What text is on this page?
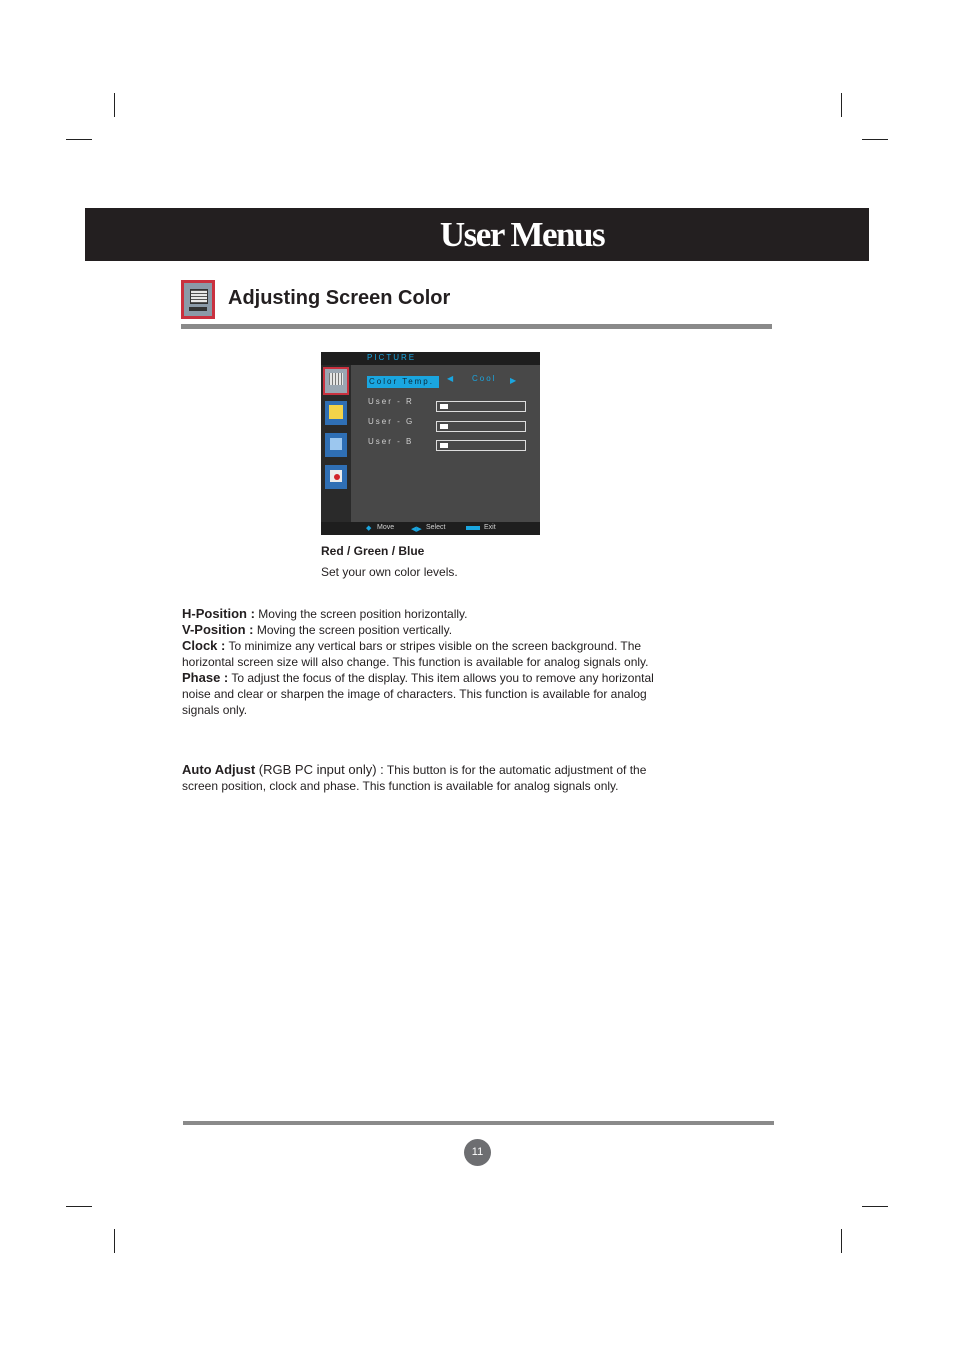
User Menus
Adjusting Screen Color
PICTURE
Color Temp. ◀ Cool ▶
User - R
User - G
User - B
◆ Move ◀▶ Select	Exit

Red / Green / Blue

Set your own color levels.

H-Position : Moving the screen position horizontally.
V-Position : Moving the screen position vertically.
Clock : To minimize any vertical bars or stripes visible on the screen background. The horizontal screen size will also change. This function is available for analog signals only.
Phase : To adjust the focus of the display. This item allows you to remove any horizontal noise and clear or sharpen the image of characters. This function is available for analog signals only.
Auto Adjust (RGB PC input only) : This button is for the automatic adjustment of the screen position, clock and phase. This function is available for analog signals only.
11
